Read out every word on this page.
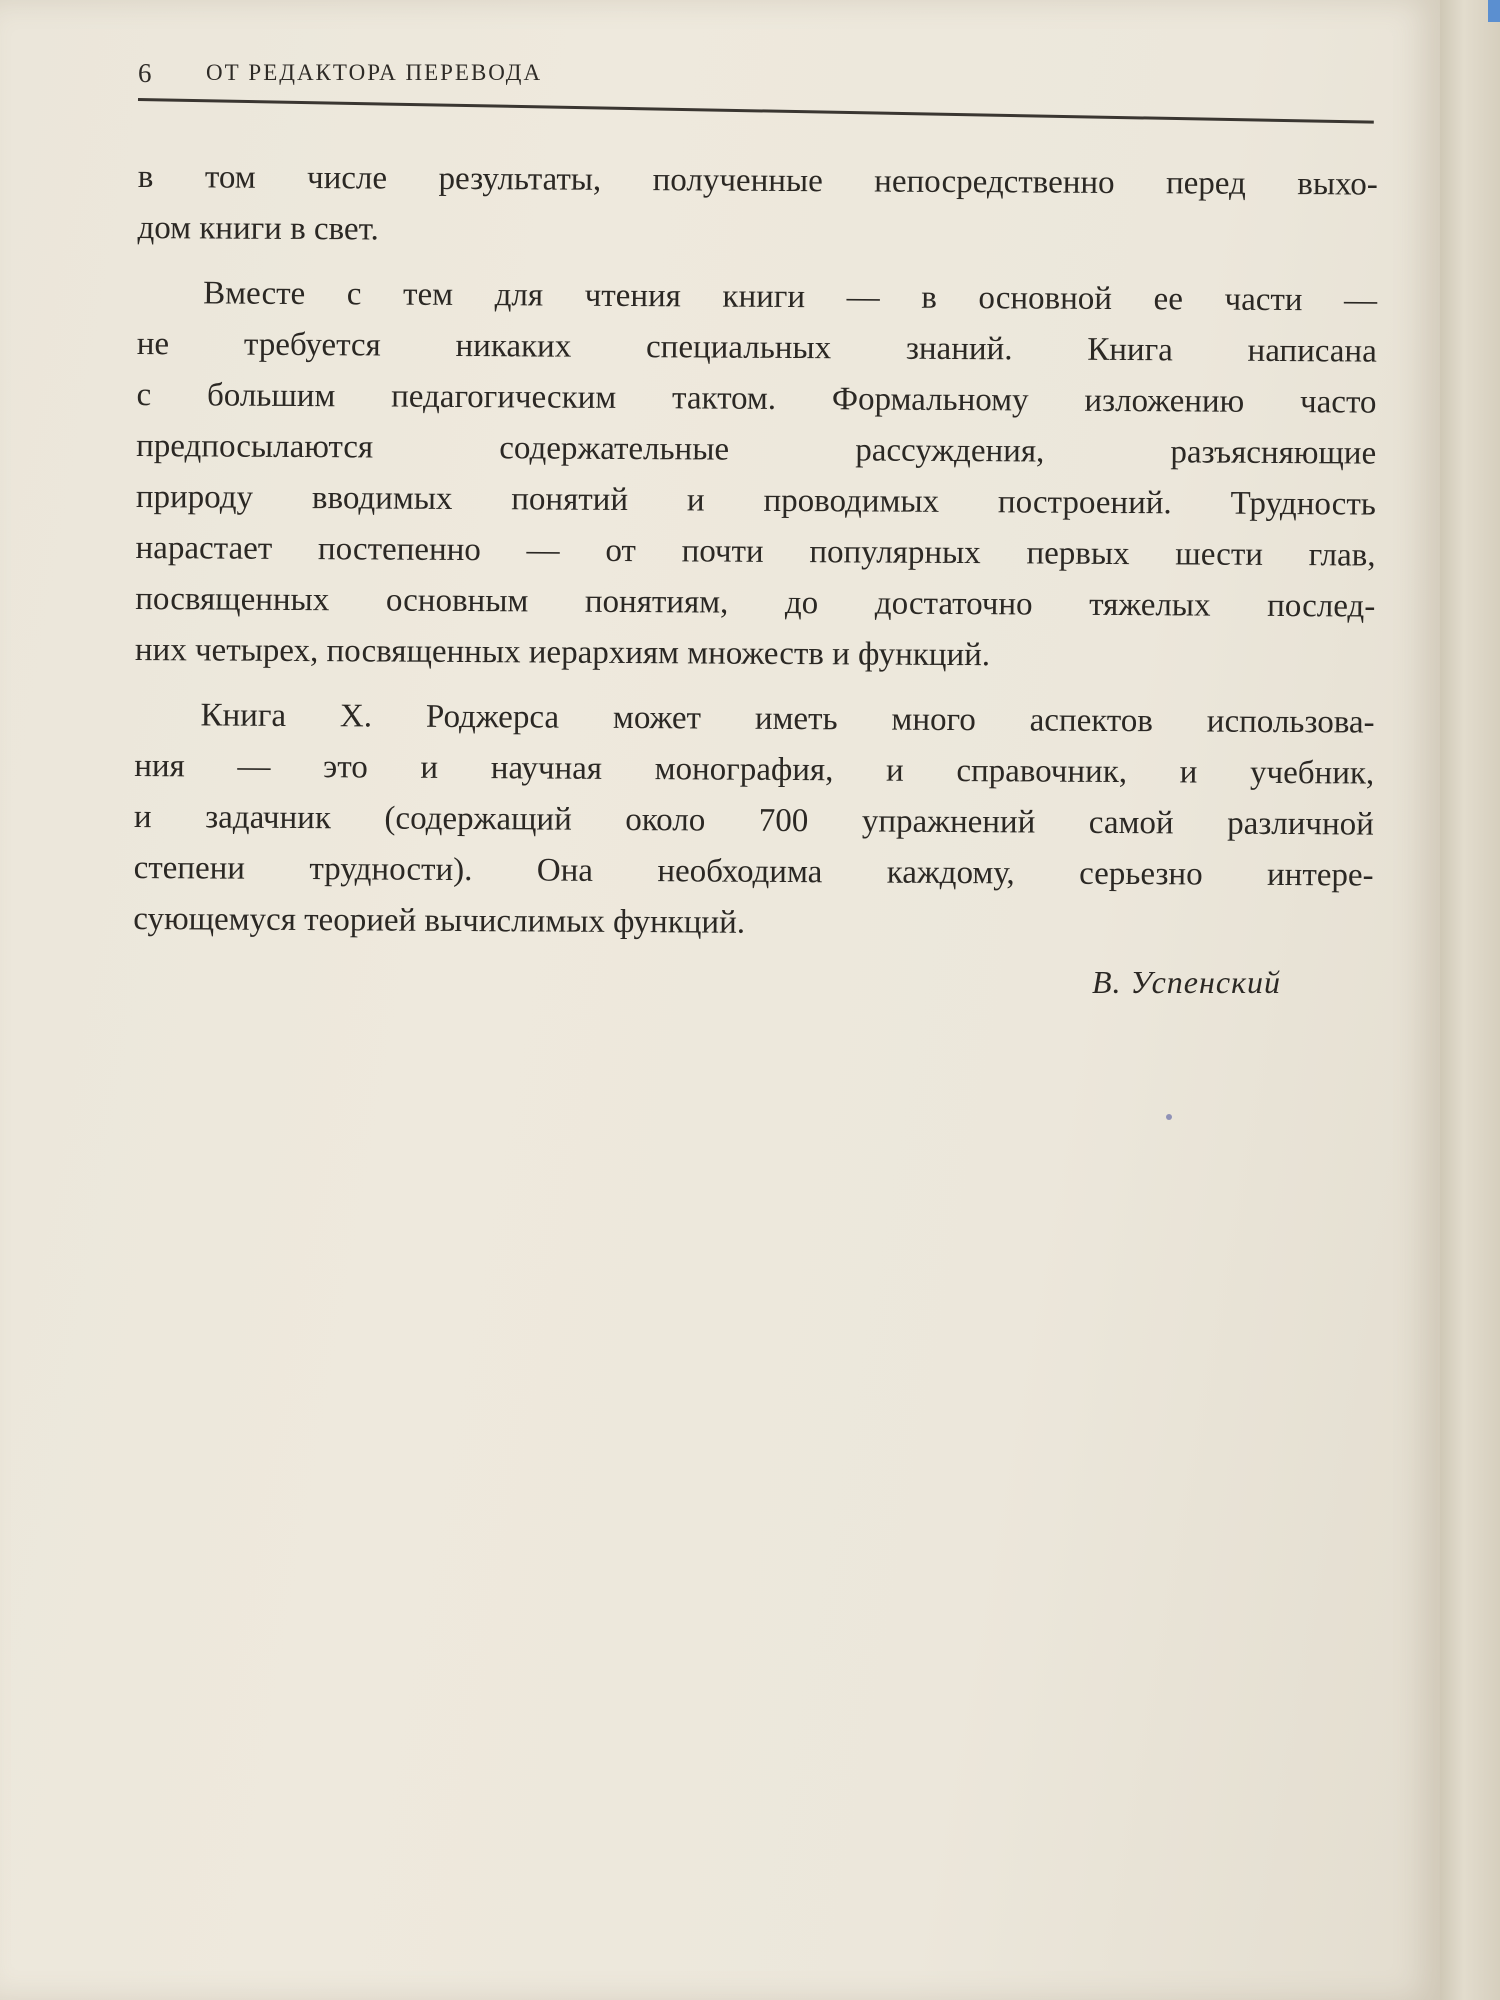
6 ОТ РЕДАКТОРА ПЕРЕВОДА
в том числе результаты, полученные непосредственно перед выхо-
дом книги в свет.
Вместе с тем для чтения книги — в основной ее части —
не требуется никаких специальных знаний. Книга написана
с большим педагогическим тактом. Формальному изложению часто
предпосылаются содержательные рассуждения, разъясняющие
природу вводимых понятий и проводимых построений. Трудность
нарастает постепенно — от почти популярных первых шести глав,
посвященных основным понятиям, до достаточно тяжелых послед-
них четырех, посвященных иерархиям множеств и функций.
Книга X. Роджерса может иметь много аспектов использова-
ния — это и научная монография, и справочник, и учебник,
и задачник (содержащий около 700 упражнений самой различной
степени трудности). Она необходима каждому, серьезно интере-
сующемуся теорией вычислимых функций.
В. Успенский
